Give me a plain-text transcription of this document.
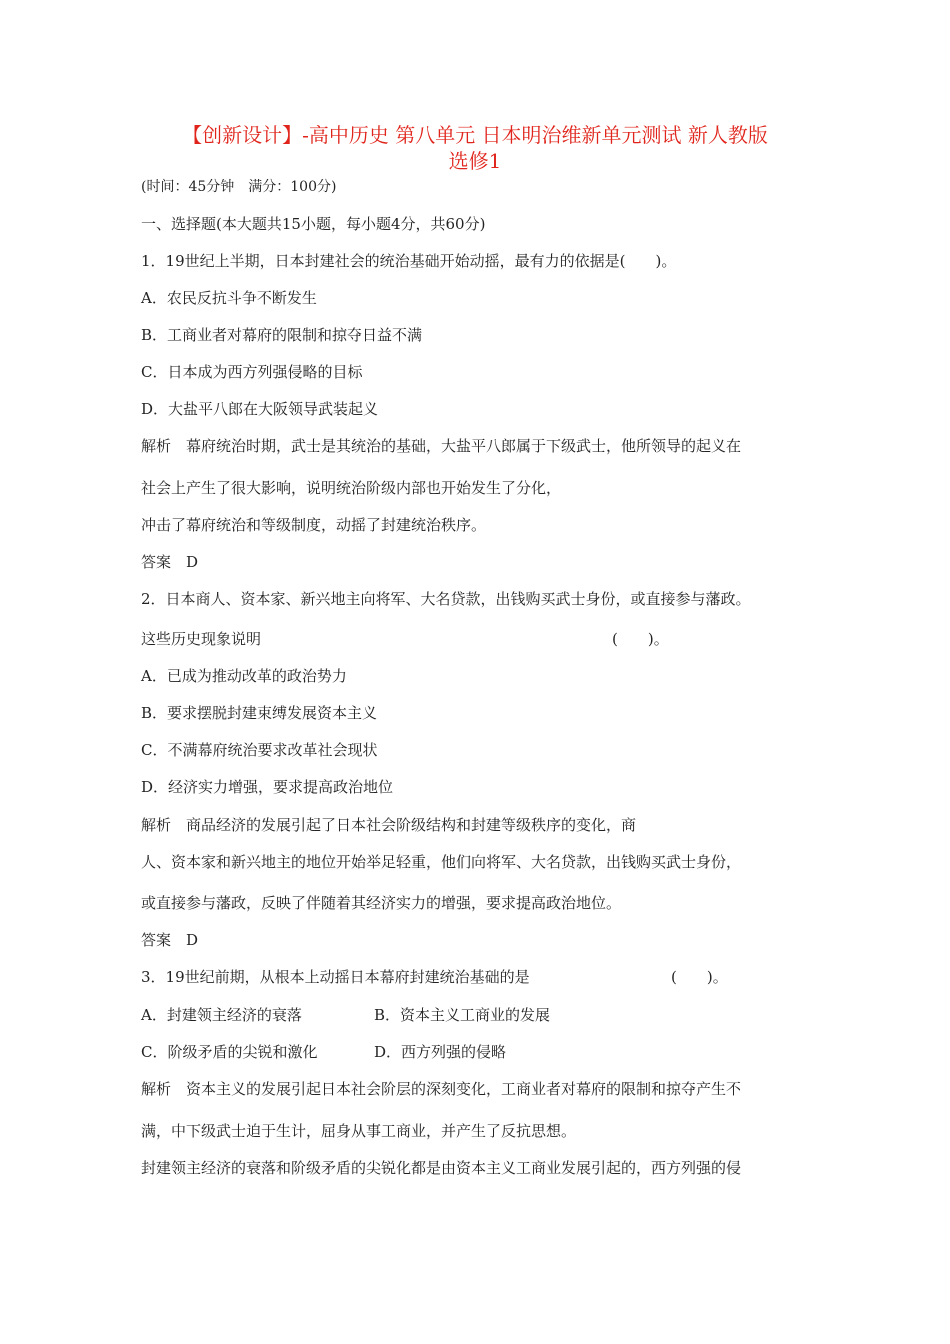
【创新设计】-高中历史 第八单元 日本明治维新单元测试 新人教版
选修1
(时间：45分钟　满分：100分)
一、选择题(本大题共15小题，每小题4分，共60分)
1．19世纪上半期，日本封建社会的统治基础开始动摇，最有力的依据是(　　)。
A．农民反抗斗争不断发生
B．工商业者对幕府的限制和掠夺日益不满
C．日本成为西方列强侵略的目标
D．大盐平八郎在大阪领导武装起义
解析　幕府统治时期，武士是其统治的基础，大盐平八郎属于下级武士，他所领导的起义在
社会上产生了很大影响，说明统治阶级内部也开始发生了分化，
冲击了幕府统治和等级制度，动摇了封建统治秩序。
答案　D
2．日本商人、资本家、新兴地主向将军、大名贷款，出钱购买武士身份，或直接参与藩政。
这些历史现象说明	(　　)。
A．已成为推动改革的政治势力
B．要求摆脱封建束缚发展资本主义
C．不满幕府统治要求改革社会现状
D．经济实力增强，要求提高政治地位
解析　商品经济的发展引起了日本社会阶级结构和封建等级秩序的变化，商
人、资本家和新兴地主的地位开始举足轻重，他们向将军、大名贷款，出钱购买武士身份，
或直接参与藩政，反映了伴随着其经济实力的增强，要求提高政治地位。
答案　D
3．19世纪前期，从根本上动摇日本幕府封建统治基础的是	(　　)。
A．封建领主经济的衰落	B．资本主义工商业的发展
C．阶级矛盾的尖锐和激化	D．西方列强的侵略
解析　资本主义的发展引起日本社会阶层的深刻变化，工商业者对幕府的限制和掠夺产生不
满，中下级武士迫于生计，屈身从事工商业，并产生了反抗思想。
封建领主经济的衰落和阶级矛盾的尖锐化都是由资本主义工商业发展引起的，西方列强的侵
